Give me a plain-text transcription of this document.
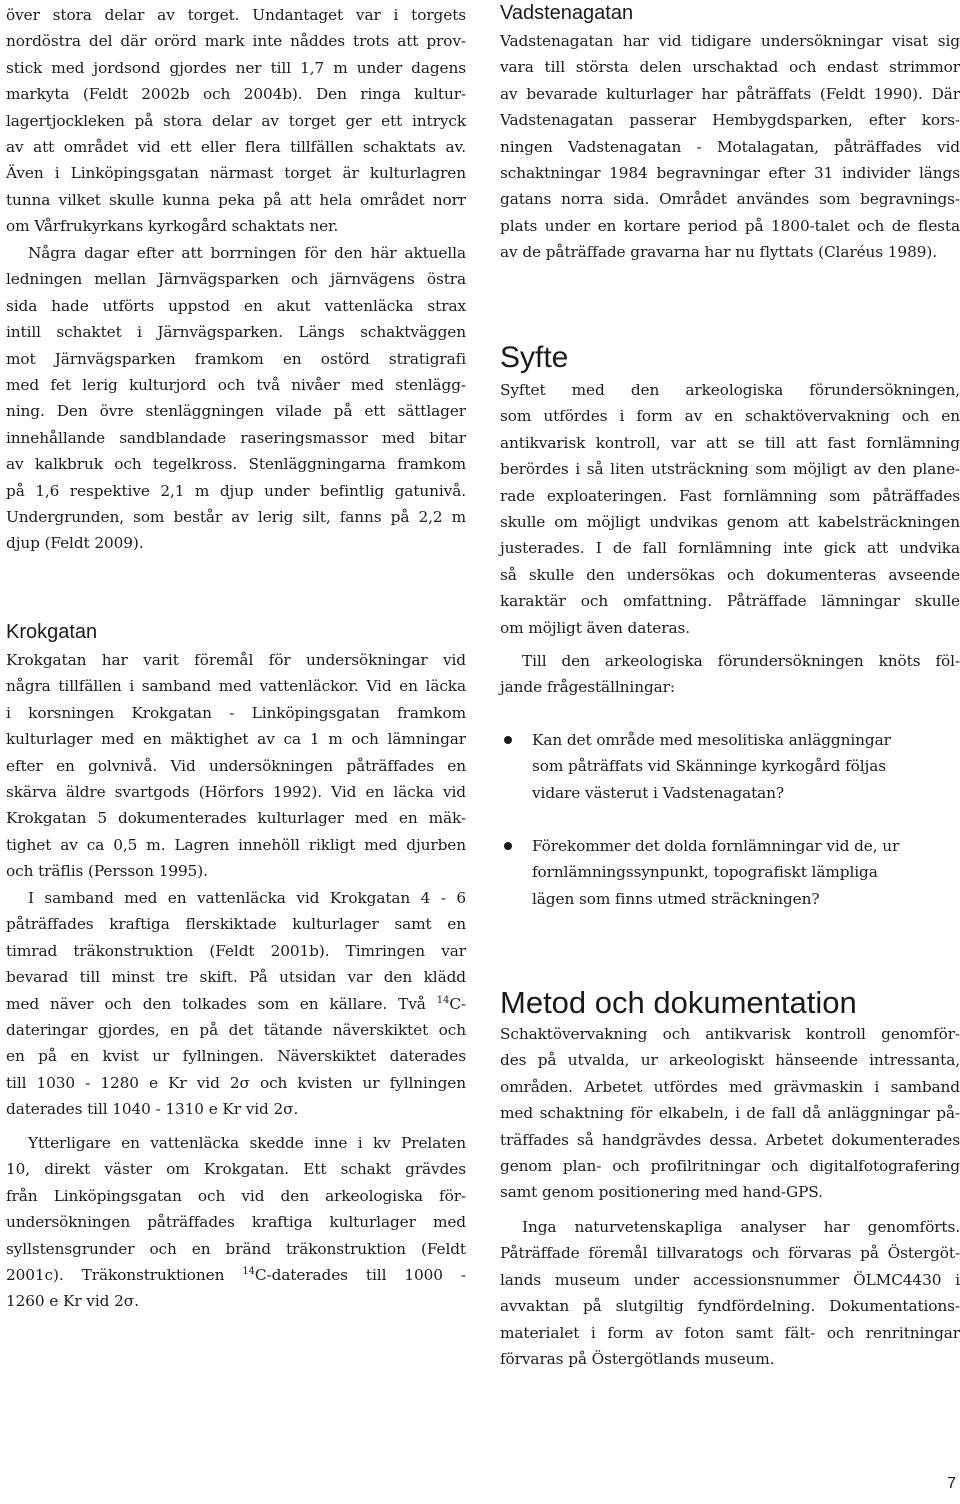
över stora delar av torget. Undantaget var i torgets
nordöstra del där orörd mark inte nåddes trots att prov-
stick med jordsond gjordes ner till 1,7 m under dagens
markyta (Feldt 2002b och 2004b). Den ringa kultur-
lagertjockleken på stora delar av torget ger ett intryck
av att området vid ett eller flera tillfällen schaktats av.
Även i Linköpingsgatan närmast torget är kulturlagren
tunna vilket skulle kunna peka på att hela området norr
om Vårfrukyrkans kyrkogård schaktats ner.
Några dagar efter att borrningen för den här aktuella
ledningen mellan Järnvägsparken och järnvägens östra
sida hade utförts uppstod en akut vattenläcka strax
intill schaktet i Järnvägsparken. Längs schaktväggen
mot Järnvägsparken framkom en ostörd stratigrafi
med fet lerig kulturjord och två nivåer med stenlägg-
ning. Den övre stenläggningen vilade på ett sättlager
innehållande sandblandade raseringsmassor med bitar
av kalkbruk och tegelkross. Stenläggningarna framkom
på 1,6 respektive 2,1 m djup under befintlig gatunivå.
Undergrunden, som består av lerig silt, fanns på 2,2 m
djup (Feldt 2009).
Krokgatan
Krokgatan har varit föremål för undersökningar vid
några tillfällen i samband med vattenläckor. Vid en läcka
i korsningen Krokgatan - Linköpingsgatan framkom
kulturlager med en mäktighet av ca 1 m och lämningar
efter en golvnivå. Vid undersökningen påträffades en
skärva äldre svartgods (Hörfors 1992). Vid en läcka vid
Krokgatan 5 dokumenterades kulturlager med en mäk-
tighet av ca 0,5 m. Lagren innehöll rikligt med djurben
och träflis (Persson 1995).
I samband med en vattenläcka vid Krokgatan 4 - 6
påträffades kraftiga flerskiktade kulturlager samt en
timrad träkonstruktion (Feldt 2001b). Timringen var
bevarad till minst tre skift. På utsidan var den klädd
med näver och den tolkades som en källare. Två $^{14}$C-
dateringar gjordes, en på det tätande näverskiktet och
en på en kvist ur fyllningen. Näverskiktet daterades
till 1030 - 1280 e Kr vid 2σ och kvisten ur fyllningen
daterades till 1040 - 1310 e Kr vid 2σ.
Ytterligare en vattenläcka skedde inne i kv Prelaten
10, direkt väster om Krokgatan. Ett schakt grävdes
från Linköpingsgatan och vid den arkeologiska för-
undersökningen påträffades kraftiga kulturlager med
syllstensgrunder och en bränd träkonstruktion (Feldt
2001c). Träkonstruktionen $^{14}$C-daterades till 1000 -
1260 e Kr vid 2σ.
Vadstenagatan
Vadstenagatan har vid tidigare undersökningar visat sig
vara till största delen urschaktad och endast strimmor
av bevarade kulturlager har påträffats (Feldt 1990). Där
Vadstenagatan passerar Hembygdsparken, efter kors-
ningen Vadstenagatan - Motalagatan, påträffades vid
schaktningar 1984 begravningar efter 31 individer längs
gatans norra sida. Området användes som begravnings-
plats under en kortare period på 1800-talet och de flesta
av de påträffade gravarna har nu flyttats (Claréus 1989).
Syfte
Syftet med den arkeologiska förundersökningen,
som utfördes i form av en schaktövervakning och en
antikvarisk kontroll, var att se till att fast fornlämning
berördes i så liten utsträckning som möjligt av den plane-
rade exploateringen. Fast fornlämning som påträffades
skulle om möjligt undvikas genom att kabelsträckningen
justerades. I de fall fornlämning inte gick att undvika
så skulle den undersökas och dokumenteras avseende
karaktär och omfattning. Påträffade lämningar skulle
om möjligt även dateras.
Till den arkeologiska förundersökningen knöts föl-
jande frågeställningar:
Kan det område med mesolitiska anläggningar
som påträffats vid Skänninge kyrkogård följas
vidare västerut i Vadstenagatan?
Förekommer det dolda fornlämningar vid de, ur
fornlämningssynpunkt, topografiskt lämpliga
lägen som finns utmed sträckningen?
Metod och dokumentation
Schaktövervakning och antikvarisk kontroll genomför-
des på utvalda, ur arkeologiskt hänseende intressanta,
områden. Arbetet utfördes med grävmaskin i samband
med schaktning för elkabeln, i de fall då anläggningar på-
träffades så handgrävdes dessa. Arbetet dokumenterades
genom plan- och profilritningar och digitalfotografering
samt genom positionering med hand-GPS.
Inga naturvetenskapliga analyser har genomförts.
Påträffade föremål tillvaratogs och förvaras på Östergöt-
lands museum under accessionsnummer ÖLMC4430 i
avvaktan på slutgiltig fyndfördelning. Dokumentations-
materialet i form av foton samt fält- och renritningar
förvaras på Östergötlands museum.
7
